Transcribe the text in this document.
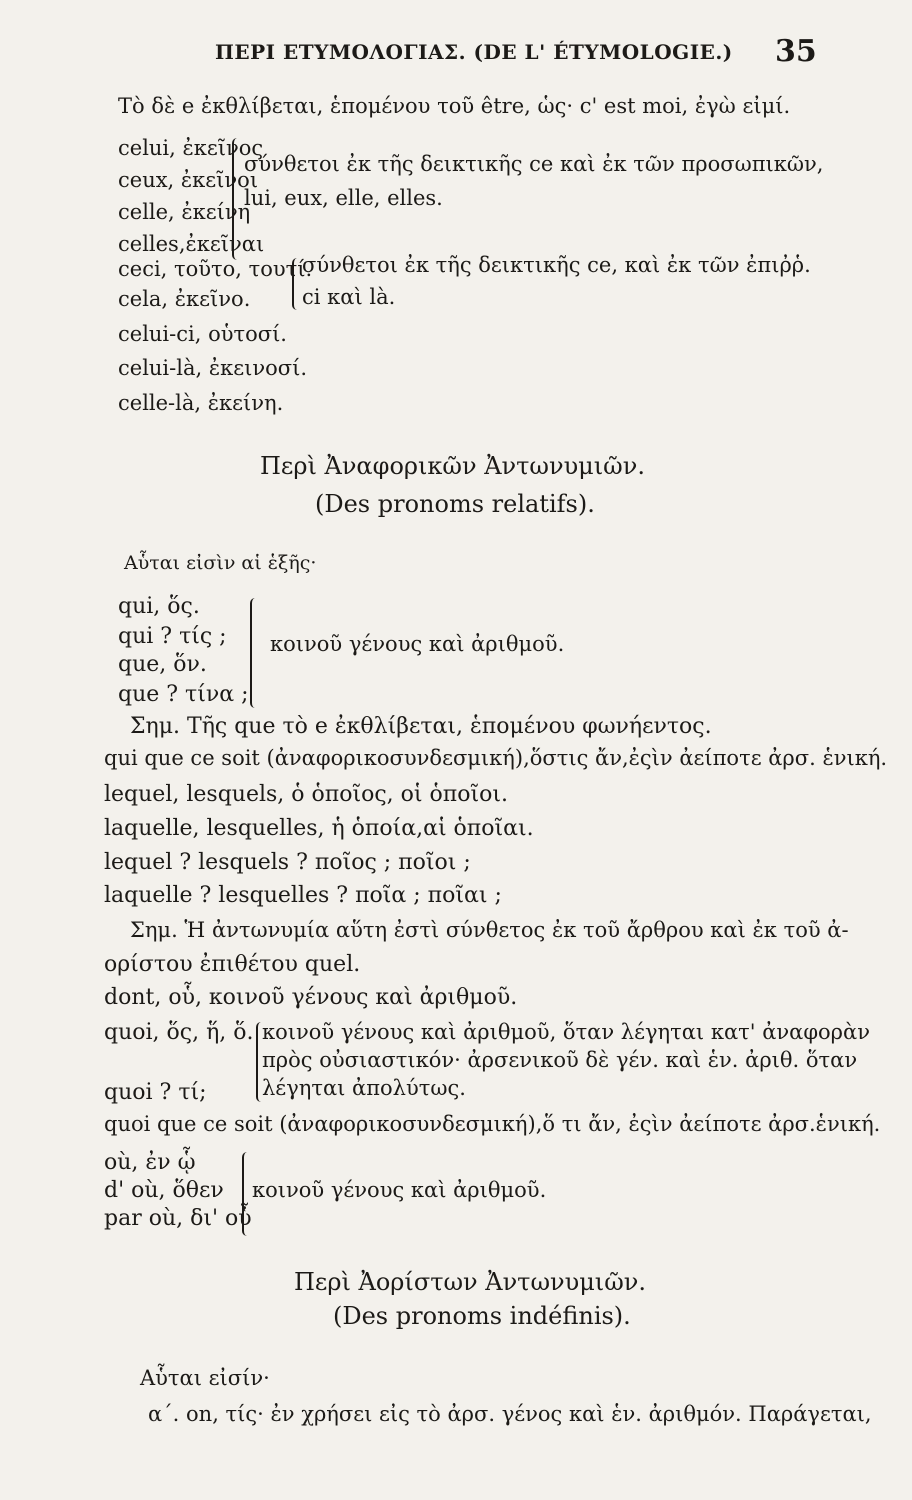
ΠΕΡΙ ΕΤΥΜΟΛΟΓΙΑΣ. (DE L' ÉTYMOLOGIE.) 35
Τὸ δὲ e ἐκθλίβεται, ἑπομένου τοῦ être, ὡς· c' est moi, ἐγὼ εἰμί.
celui, ἐκεῖνος
ceux, ἐκεῖνοι
celle, ἐκείνη
celles,ἐκεῖναι
σύνθετοι ἐκ τῆς δεικτικῆς ce καὶ ἐκ τῶν προσωπικῶν,
lui, eux, elle, elles.
ceci, τοῦτο, τουτί.
cela, ἐκεῖνο.
σύνθετοι ἐκ τῆς δεικτικῆς ce, καὶ ἐκ τῶν ἐπιῤῥ.
ci καὶ là.
celui-ci, οὑτοσί.
celui-là, ἐκεινοσί.
celle-là, ἐκείνη.
Περὶ Ἀναφορικῶν Ἀντωνυμιῶν.
(Des pronoms relatifs).
Αὗται εἰσὶν αἱ ἑξῆς·
qui, ὅς.
qui ? τίς ;
que, ὅν.
que ? τίνα ;
κοινοῦ γένους καὶ ἀριθμοῦ.
Σημ. Τῆς que τὸ e ἐκθλίβεται, ἑπομένου φωνήεντος.
qui que ce soit (ἀναφορικοσυνδεσμική),ὅστις ἄν,ἐςὶν ἀείποτε ἀρσ. ἑνική.
lequel, lesquels, ὁ ὁποῖος, οἱ ὁποῖοι.
laquelle, lesquelles, ἡ ὁποία,αἱ ὁποῖαι.
lequel ? lesquels ? ποῖος ; ποῖοι ;
laquelle ? lesquelles ? ποῖα ; ποῖαι ;
Σημ. Ἡ ἀντωνυμία αὕτη ἐστὶ σύνθετος ἐκ τοῦ ἄρθρου καὶ ἐκ τοῦ ἀ-
ορίστου ἐπιθέτου quel.
dont, οὗ, κοινοῦ γένους καὶ ἀριθμοῦ.
quoi, ὅς, ἥ, ὅ.
quoi ? τί;
κοινοῦ γένους καὶ ἀριθμοῦ, ὅταν λέγηται κατ' ἀναφορὰν
πρὸς οὐσιαστικόν· ἀρσενικοῦ δὲ γέν. καὶ ἑν. ἀριθ. ὅταν
λέγηται ἀπολύτως.
quoi que ce soit (ἀναφορικοσυνδεσμική),ὅ τι ἄν, ἐςὶν ἀείποτε ἀρσ.ἑνική.
où, ἐν ᾧ
d' où, ὅθεν
par où, δι' οὗ
κοινοῦ γένους καὶ ἀριθμοῦ.
Περὶ Ἀορίστων Ἀντωνυμιῶν.
(Des pronoms indéfinis).
Αὗται εἰσίν·
α΄. on, τίς· ἐν χρήσει εἰς τὸ ἀρσ. γένος καὶ ἑν. ἀριθμόν. Παράγεται,
